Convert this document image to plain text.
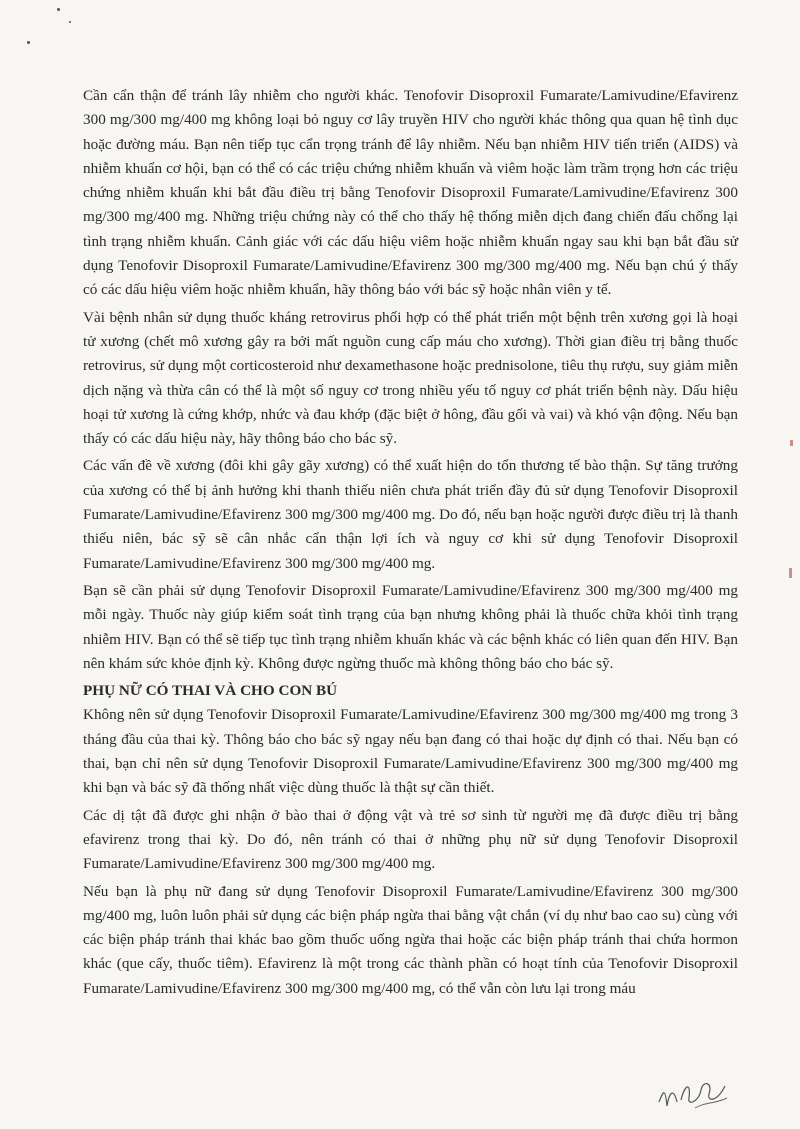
Cần cẩn thận để tránh lây nhiễm cho người khác. Tenofovir Disoproxil Fumarate/Lamivudine/Efavirenz 300 mg/300 mg/400 mg không loại bỏ nguy cơ lây truyền HIV cho người khác thông qua quan hệ tình dục hoặc đường máu. Bạn nên tiếp tục cẩn trọng tránh để lây nhiễm. Nếu bạn nhiễm HIV tiến triển (AIDS) và nhiễm khuẩn cơ hội, bạn có thể có các triệu chứng nhiễm khuẩn và viêm hoặc làm trầm trọng hơn các triệu chứng nhiễm khuẩn khi bắt đầu điều trị bằng Tenofovir Disoproxil Fumarate/Lamivudine/Efavirenz 300 mg/300 mg/400 mg. Những triệu chứng này có thể cho thấy hệ thống miễn dịch đang chiến đấu chống lại tình trạng nhiễm khuẩn. Cảnh giác với các dấu hiệu viêm hoặc nhiễm khuẩn ngay sau khi bạn bắt đầu sử dụng Tenofovir Disoproxil Fumarate/Lamivudine/Efavirenz 300 mg/300 mg/400 mg. Nếu bạn chú ý thấy có các dấu hiệu viêm hoặc nhiễm khuẩn, hãy thông báo với bác sỹ hoặc nhân viên y tế.

Vài bệnh nhân sử dụng thuốc kháng retrovirus phối hợp có thể phát triển một bệnh trên xương gọi là hoại tử xương (chết mô xương gây ra bởi mất nguồn cung cấp máu cho xương). Thời gian điều trị bằng thuốc retrovirus, sử dụng một corticosteroid như dexamethasone hoặc prednisolone, tiêu thụ rượu, suy giảm miễn dịch nặng và thừa cân có thể là một số nguy cơ trong nhiều yếu tố nguy cơ phát triển bệnh này. Dấu hiệu hoại tử xương là cứng khớp, nhức và đau khớp (đặc biệt ở hông, đầu gối và vai) và khó vận động. Nếu bạn thấy có các dấu hiệu này, hãy thông báo cho bác sỹ.

Các vấn đề về xương (đôi khi gây gãy xương) có thể xuất hiện do tổn thương tế bào thận. Sự tăng trưởng của xương có thể bị ảnh hưởng khi thanh thiếu niên chưa phát triển đầy đủ sử dụng Tenofovir Disoproxil Fumarate/Lamivudine/Efavirenz 300 mg/300 mg/400 mg. Do đó, nếu bạn hoặc người được điều trị là thanh thiếu niên, bác sỹ sẽ cân nhắc cẩn thận lợi ích và nguy cơ khi sử dụng Tenofovir Disoproxil Fumarate/Lamivudine/Efavirenz 300 mg/300 mg/400 mg.

Bạn sẽ cần phải sử dụng Tenofovir Disoproxil Fumarate/Lamivudine/Efavirenz 300 mg/300 mg/400 mg mỗi ngày. Thuốc này giúp kiểm soát tình trạng của bạn nhưng không phải là thuốc chữa khỏi tình trạng nhiễm HIV. Bạn có thể sẽ tiếp tục tình trạng nhiễm khuẩn khác và các bệnh khác có liên quan đến HIV. Bạn nên khám sức khỏe định kỳ. Không được ngừng thuốc mà không thông báo cho bác sỹ.

PHỤ NỮ CÓ THAI VÀ CHO CON BÚ

Không nên sử dụng Tenofovir Disoproxil Fumarate/Lamivudine/Efavirenz 300 mg/300 mg/400 mg trong 3 tháng đầu của thai kỳ. Thông báo cho bác sỹ ngay nếu bạn đang có thai hoặc dự định có thai. Nếu bạn có thai, bạn chỉ nên sử dụng Tenofovir Disoproxil Fumarate/Lamivudine/Efavirenz 300 mg/300 mg/400 mg khi bạn và bác sỹ đã thống nhất việc dùng thuốc là thật sự cần thiết.

Các dị tật đã được ghi nhận ở bào thai ở động vật và trẻ sơ sinh từ người mẹ đã được điều trị bằng efavirenz trong thai kỳ. Do đó, nên tránh có thai ở những phụ nữ sử dụng Tenofovir Disoproxil Fumarate/Lamivudine/Efavirenz 300 mg/300 mg/400 mg.

Nếu bạn là phụ nữ đang sử dụng Tenofovir Disoproxil Fumarate/Lamivudine/Efavirenz 300 mg/300 mg/400 mg, luôn luôn phải sử dụng các biện pháp ngừa thai bằng vật chắn (ví dụ như bao cao su) cùng với các biện pháp tránh thai khác bao gồm thuốc uống ngừa thai hoặc các biện pháp tránh thai chứa hormon khác (que cấy, thuốc tiêm). Efavirenz là một trong các thành phần có hoạt tính của Tenofovir Disoproxil Fumarate/Lamivudine/Efavirenz 300 mg/300 mg/400 mg, có thể vẫn còn lưu lại trong máu
